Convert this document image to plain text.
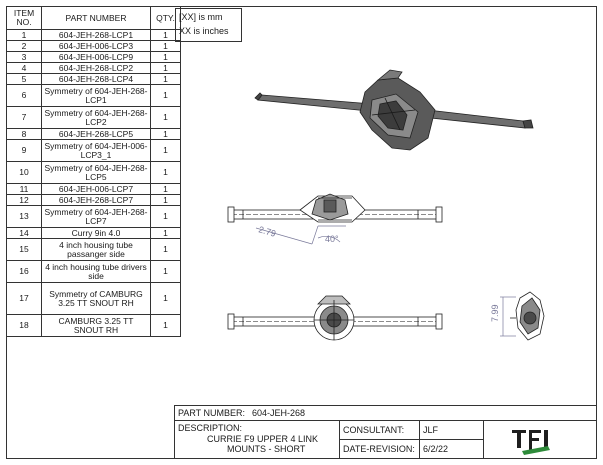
ITEM NO.	PART NUMBER	QTY.
1	604-JEH-268-LCP1	1
2	604-JEH-006-LCP3	1
3	604-JEH-006-LCP9	1
4	604-JEH-268-LCP2	1
5	604-JEH-268-LCP4	1
6	Symmetry of 604-JEH-268-LCP1	1
7	Symmetry of 604-JEH-268-LCP2	1
8	604-JEH-268-LCP5	1
9	Symmetry of 604-JEH-006-LCP3_1	1
10	Symmetry of 604-JEH-268-LCP5	1
11	604-JEH-006-LCP7	1
12	604-JEH-268-LCP7	1
13	Symmetry of 604-JEH-268-LCP7	1
14	Curry 9in 4.0	1
15	4 inch housing tube passanger side	1
16	4 inch housing tube drivers side	1
17	Symmetry of CAMBURG 3.25 TT SNOUT RH	1
18	CAMBURG 3.25 TT SNOUT RH	1
[XX] is mm
XX is inches
2.79
40°
7.99
PART NUMBER: 604-JEH-268
DESCRIPTION:
CURRIE F9 UPPER 4 LINK
MOUNTS - SHORT
CONSULTANT: JLF
DATE-REVISION: 6/2/22
